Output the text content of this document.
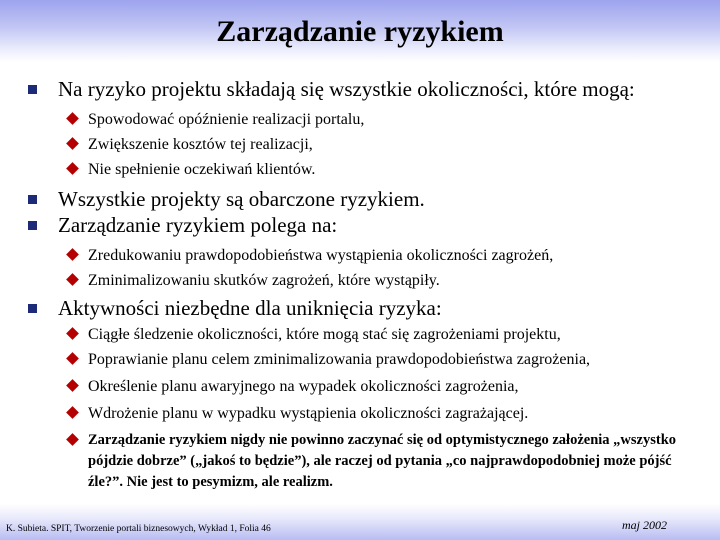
Zarządzanie ryzykiem
Na ryzyko projektu składają się wszystkie okoliczności, które mogą:
Spowodować opóźnienie realizacji portalu,
Zwiększenie kosztów tej realizacji,
Nie spełnienie oczekiwań klientów.
Wszystkie projekty są obarczone ryzykiem.
Zarządzanie ryzykiem polega na:
Zredukowaniu prawdopodobieństwa wystąpienia okoliczności zagrożeń,
Zminimalizowaniu skutków zagrożeń, które wystąpiły.
Aktywności niezbędne dla uniknięcia ryzyka:
Ciągłe śledzenie okoliczności, które mogą stać się zagrożeniami projektu,
Poprawianie planu celem zminimalizowania prawdopodobieństwa zagrożenia,
Określenie planu awaryjnego na wypadek okoliczności zagrożenia,
Wdrożenie planu w wypadku wystąpienia okoliczności zagrażającej.
Zarządzanie ryzykiem nigdy nie powinno zaczynać się od optymistycznego założenia „wszystko pójdzie dobrze” („jakoś to będzie”), ale raczej od pytania „co najprawdopodobniej może pójść źle?”. Nie jest to pesymizm, ale realizm.
K. Subieta. SPIT, Tworzenie portali biznesowych, Wykład 1, Folia 46	maj 2002
